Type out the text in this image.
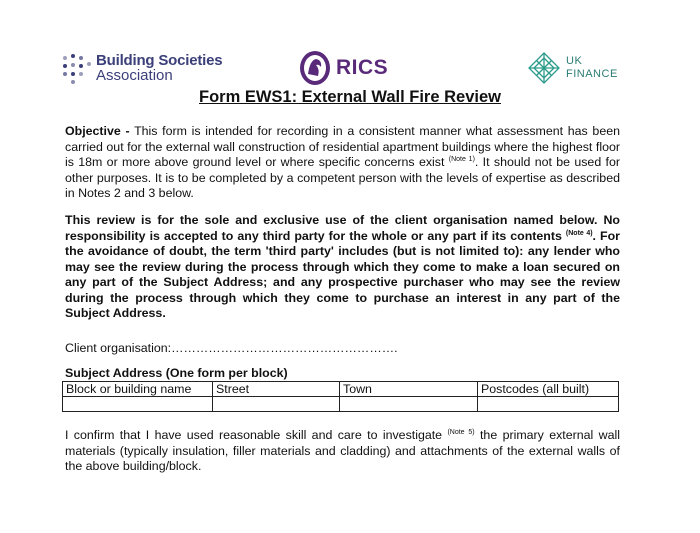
Building Societies
Association	RICS	UK
FINANCE
Form EWS1: External Wall Fire Review
Objective - This form is intended for recording in a consistent manner what assessment has been carried out for the external wall construction of residential apartment buildings where the highest floor is 18m or more above ground level or where specific concerns exist $^{(Note 1)}$. It should not be used for other purposes. It is to be completed by a competent person with the levels of expertise as described in Notes 2 and 3 below.
This review is for the sole and exclusive use of the client organisation named below. No responsibility is accepted to any third party for the whole or any part if its contents $^{(Note 4)}$. For the avoidance of doubt, the term 'third party' includes (but is not limited to): any lender who may see the review during the process through which they come to make a loan secured on any part of the Subject Address; and any prospective purchaser who may see the review during the process through which they come to purchase an interest in any part of the Subject Address.
Client organisation:……………………………………………….
Subject Address (One form per block)
Block or building name	Street	Town	Postcodes (all built)

I confirm that I have used reasonable skill and care to investigate $^{(Note 5)}$ the primary external wall materials (typically insulation, filler materials and cladding) and attachments of the external walls of the above building/block.
